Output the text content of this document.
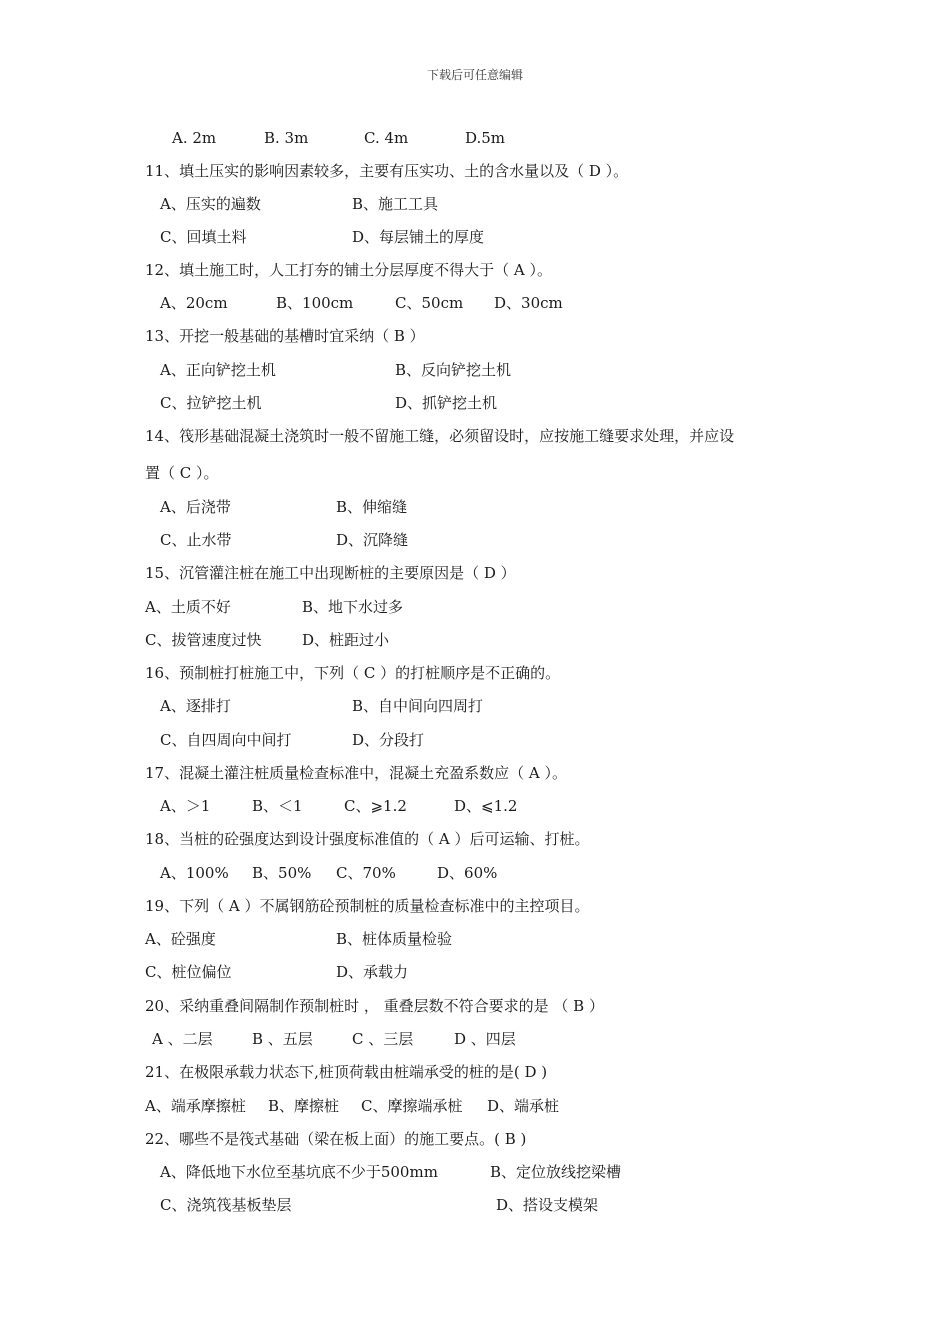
下载后可任意编辑
A. 2m	B. 3m	C. 4m	D.5m
11、填土压实的影响因素较多，主要有压实功、土的含水量以及（ D ）。
A、压实的遍数	B、施工工具
C、回填土料	D、每层铺土的厚度
12、填土施工时，人工打夯的铺土分层厚度不得大于（ A ）。
A、20cm	B、100cm	C、50cm D、30cm
13、开挖一般基础的基槽时宜采纳（ B ）
A、正向铲挖土机	B、反向铲挖土机
C、拉铲挖土机	D、抓铲挖土机
14、筏形基础混凝土浇筑时一般不留施工缝，必须留设时，应按施工缝要求处理，并应设
置（ C ）。
A、后浇带	B、伸缩缝
C、止水带	D、沉降缝
15、沉管灌注桩在施工中出现断桩的主要原因是（ D ）
A、土质不好	B、地下水过多
C、拔管速度过快	D、桩距过小
16、预制桩打桩施工中，下列（ C ）的打桩顺序是不正确的。
A、逐排打	B、自中间向四周打
C、自四周向中间打	D、分段打
17、混凝土灌注桩质量检查标准中，混凝土充盈系数应（ A ）。
A、＞1	B、＜1	C、⩾1.2	D、⩽1.2
18、当桩的砼强度达到设计强度标准值的（ A ）后可运输、打桩。
A、100% B、50% C、70%	D、60%
19、下列（ A ）不属钢筋砼预制桩的质量检查标准中的主控项目。
A、砼强度	B、桩体质量检验
C、桩位偏位	D、承载力
20、采纳重叠间隔制作预制桩时 ， 重叠层数不符合要求的是 （ B ）
A 、二层	B 、五层	C 、三层	D 、四层
21、在极限承载力状态下,桩顶荷载由桩端承受的桩的是( D )
A、端承摩擦桩 B、摩擦桩 C、摩擦端承桩 D、端承桩
22、哪些不是筏式基础（梁在板上面）的施工要点。( B )
A、降低地下水位至基坑底不少于500mm	B、定位放线挖梁槽
C、浇筑筏基板垫层	D、搭设支模架
